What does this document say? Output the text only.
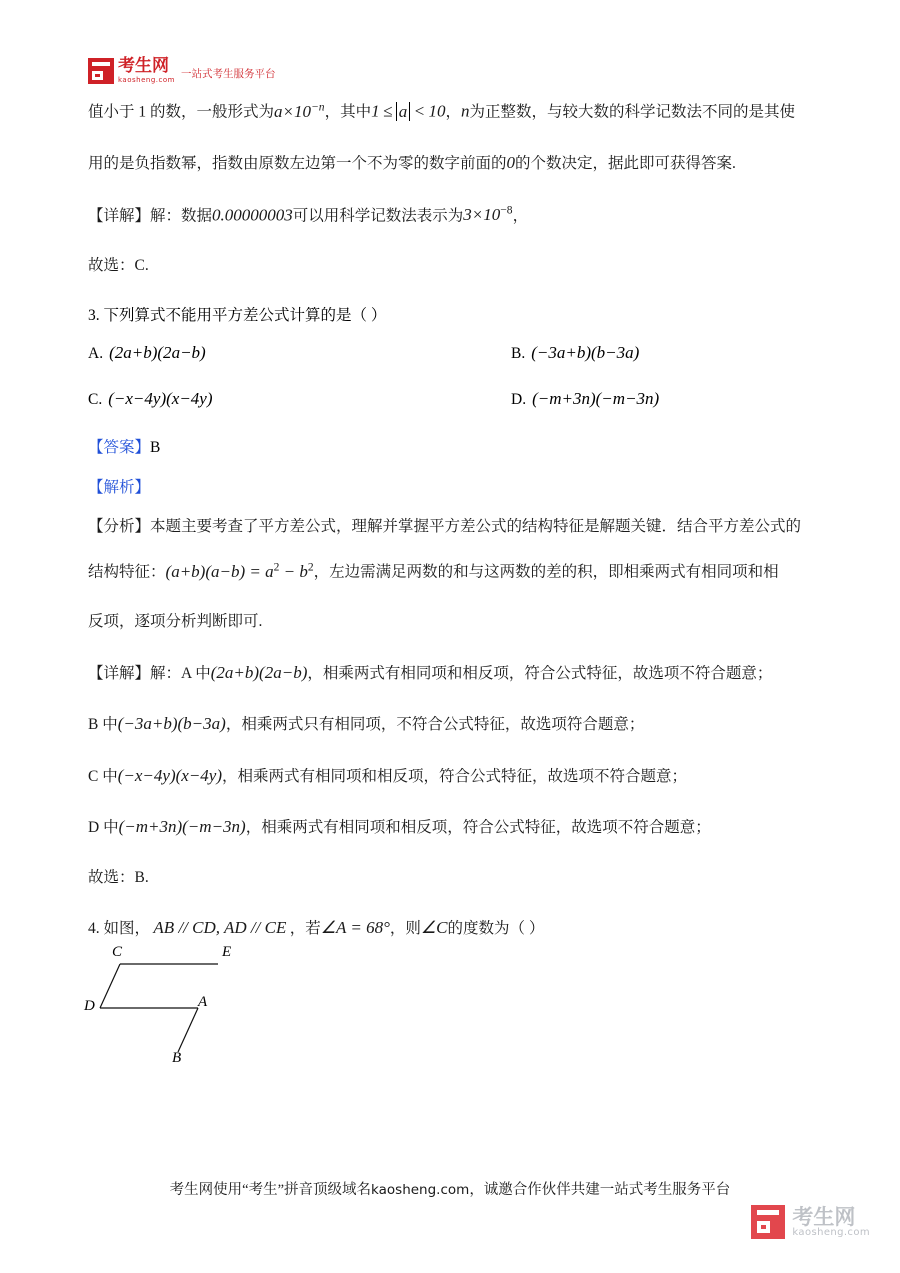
考生网
kaosheng.com 一站式考生服务平台

值小于 1 的数，一般形式为$a\times 10^{-n}$，其中1 ≤ a < 10，n为正整数，与较大数的科学记数法不同的是其使

用的是负指数幂，指数由原数左边第一个不为零的数字前面的0的个数决定，据此即可获得答案.

【详解】解：数据0.00000003可以用科学记数法表示为$3\times 10^{-8}$，

故选：C.

3. 下列算式不能用平方差公式计算的是（ ）

A. (2a+b)(2a−b)	B. (−3a+b)(b−3a)
C. (−x−4y)(x−4y)	D. (−m+3n)(−m−3n)

【答案】B

【解析】

【分析】本题主要考查了平方差公式，理解并掌握平方差公式的结构特征是解题关键．结合平方差公式的

结构特征：$(a+b)(a-b) = a^2 - b^2$，左边需满足两数的和与这两数的差的积，即相乘两式有相同项和相

反项，逐项分析判断即可.

【详解】解：A 中(2a+b)(2a−b)，相乘两式有相同项和相反项，符合公式特征，故选项不符合题意；

B 中(−3a+b)(b−3a)，相乘两式只有相同项，不符合公式特征，故选项符合题意；

C 中(−x−4y)(x−4y)，相乘两式有相同项和相反项，符合公式特征，故选项不符合题意；

D 中(−m+3n)(−m−3n)，相乘两式有相同项和相反项，符合公式特征，故选项不符合题意；

故选：B.

4. 如图，  AB // CD, AD // CE  ，若∠A = 68°，则∠C的度数为（ ）

C	E
D	A
B
考生网使用“考生”拼音顶级域名kaosheng.com，诚邀合作伙伴共建一站式考生服务平台
考生网
kaosheng.com
